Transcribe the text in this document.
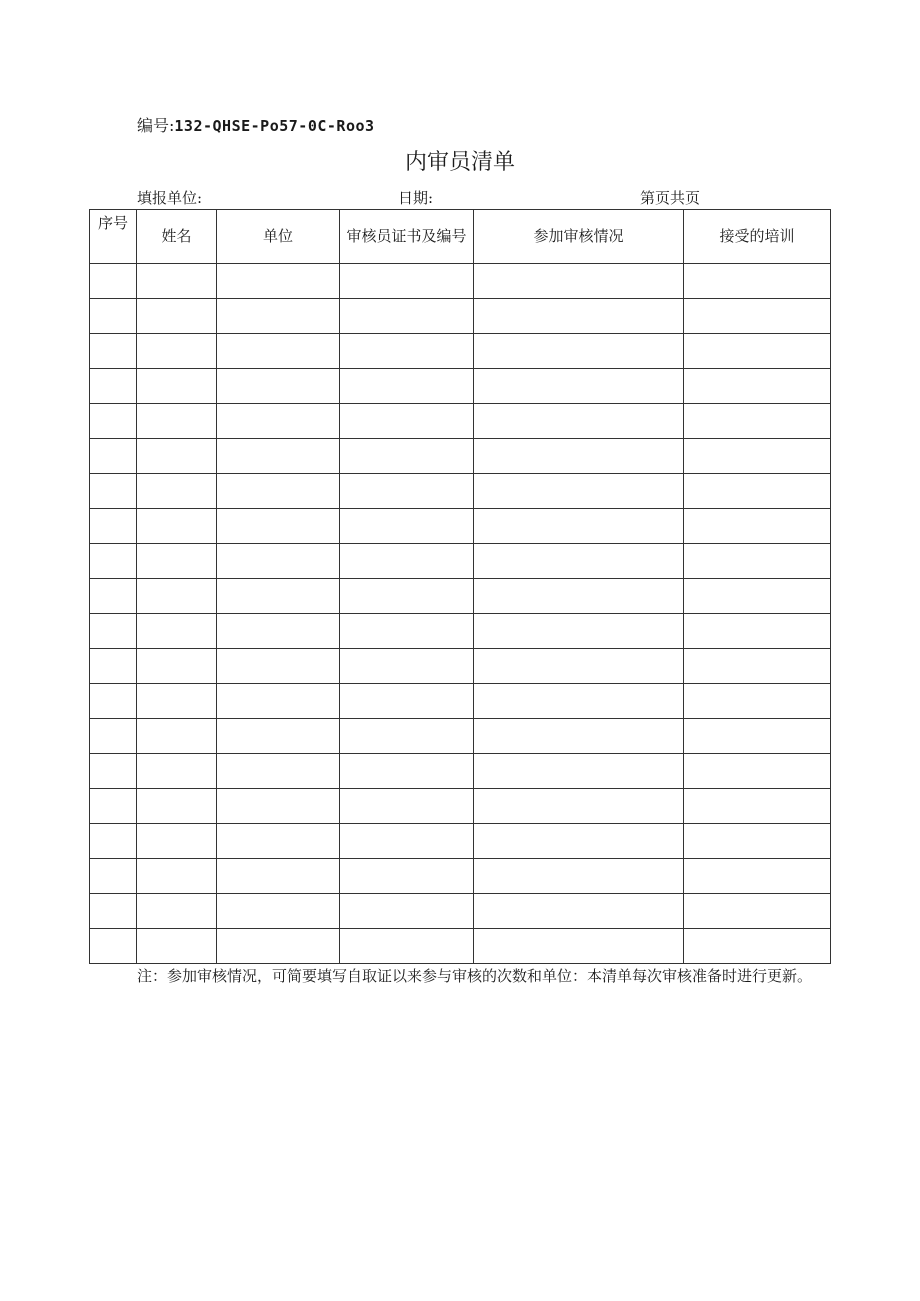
编号:132-QHSE-Po57-0C-Roo3
内审员清单
填报单位:	日期:	第页共页
序号	姓名	单位	审核员证书及编号	参加审核情况	接受的培训

注：参加审核情况，可简要填写自取证以来参与审核的次数和单位：本清单每次审核准备时进行更新。
